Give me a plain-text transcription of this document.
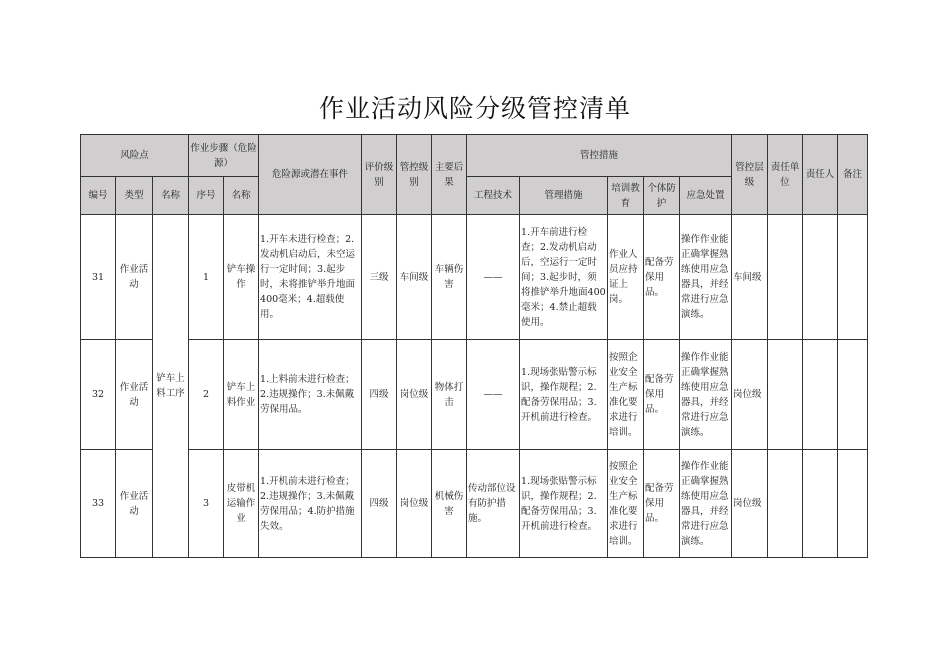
作业活动风险分级管控清单
风险点			作业步骤（危险源）		危险源或潜在事件	评价级别	管控级别	主要后果	管控措施					管控层级	责任单位	责任人	备注
编号	类型	名称	序号	名称					工程技术	管理措施	培训教育	个体防护	应急处置				
31	作业活动	铲车上料工序	1	铲车操作	1.开车未进行检查；2.发动机启动后，未空运行一定时间；3.起步时，未将推铲举升地面400毫米；4.超载使用。	三级	车间级	车辆伤害	——	1.开车前进行检查；2.发动机启动后，空运行一定时间；3.起步时，须将推铲举升地面400毫米；4.禁止超载使用。	作业人员应持证上岗。	配备劳保用品。	操作作业能正确掌握熟练使用应急器具，并经常进行应急演练。	车间级			
32	作业活动		2	铲车上料作业	1.上料前未进行检查；2.违规操作；3.未佩戴劳保用品。	四级	岗位级	物体打击	——	1.现场张贴警示标识，操作规程；2.配备劳保用品；3.开机前进行检查。	按照企业安全生产标准化要求进行培训。	配备劳保用品。	操作作业能正确掌握熟练使用应急器具，并经常进行应急演练。	岗位级			
33	作业活动		3	皮带机运输作业	1.开机前未进行检查；2.违规操作；3.未佩戴劳保用品；4.防护措施失效。	四级	岗位级	机械伤害	传动部位设有防护措施。	1.现场张贴警示标识，操作规程；2.配备劳保用品；3.开机前进行检查。	按照企业安全生产标准化要求进行培训。	配备劳保用品。	操作作业能正确掌握熟练使用应急器具，并经常进行应急演练。	岗位级			
